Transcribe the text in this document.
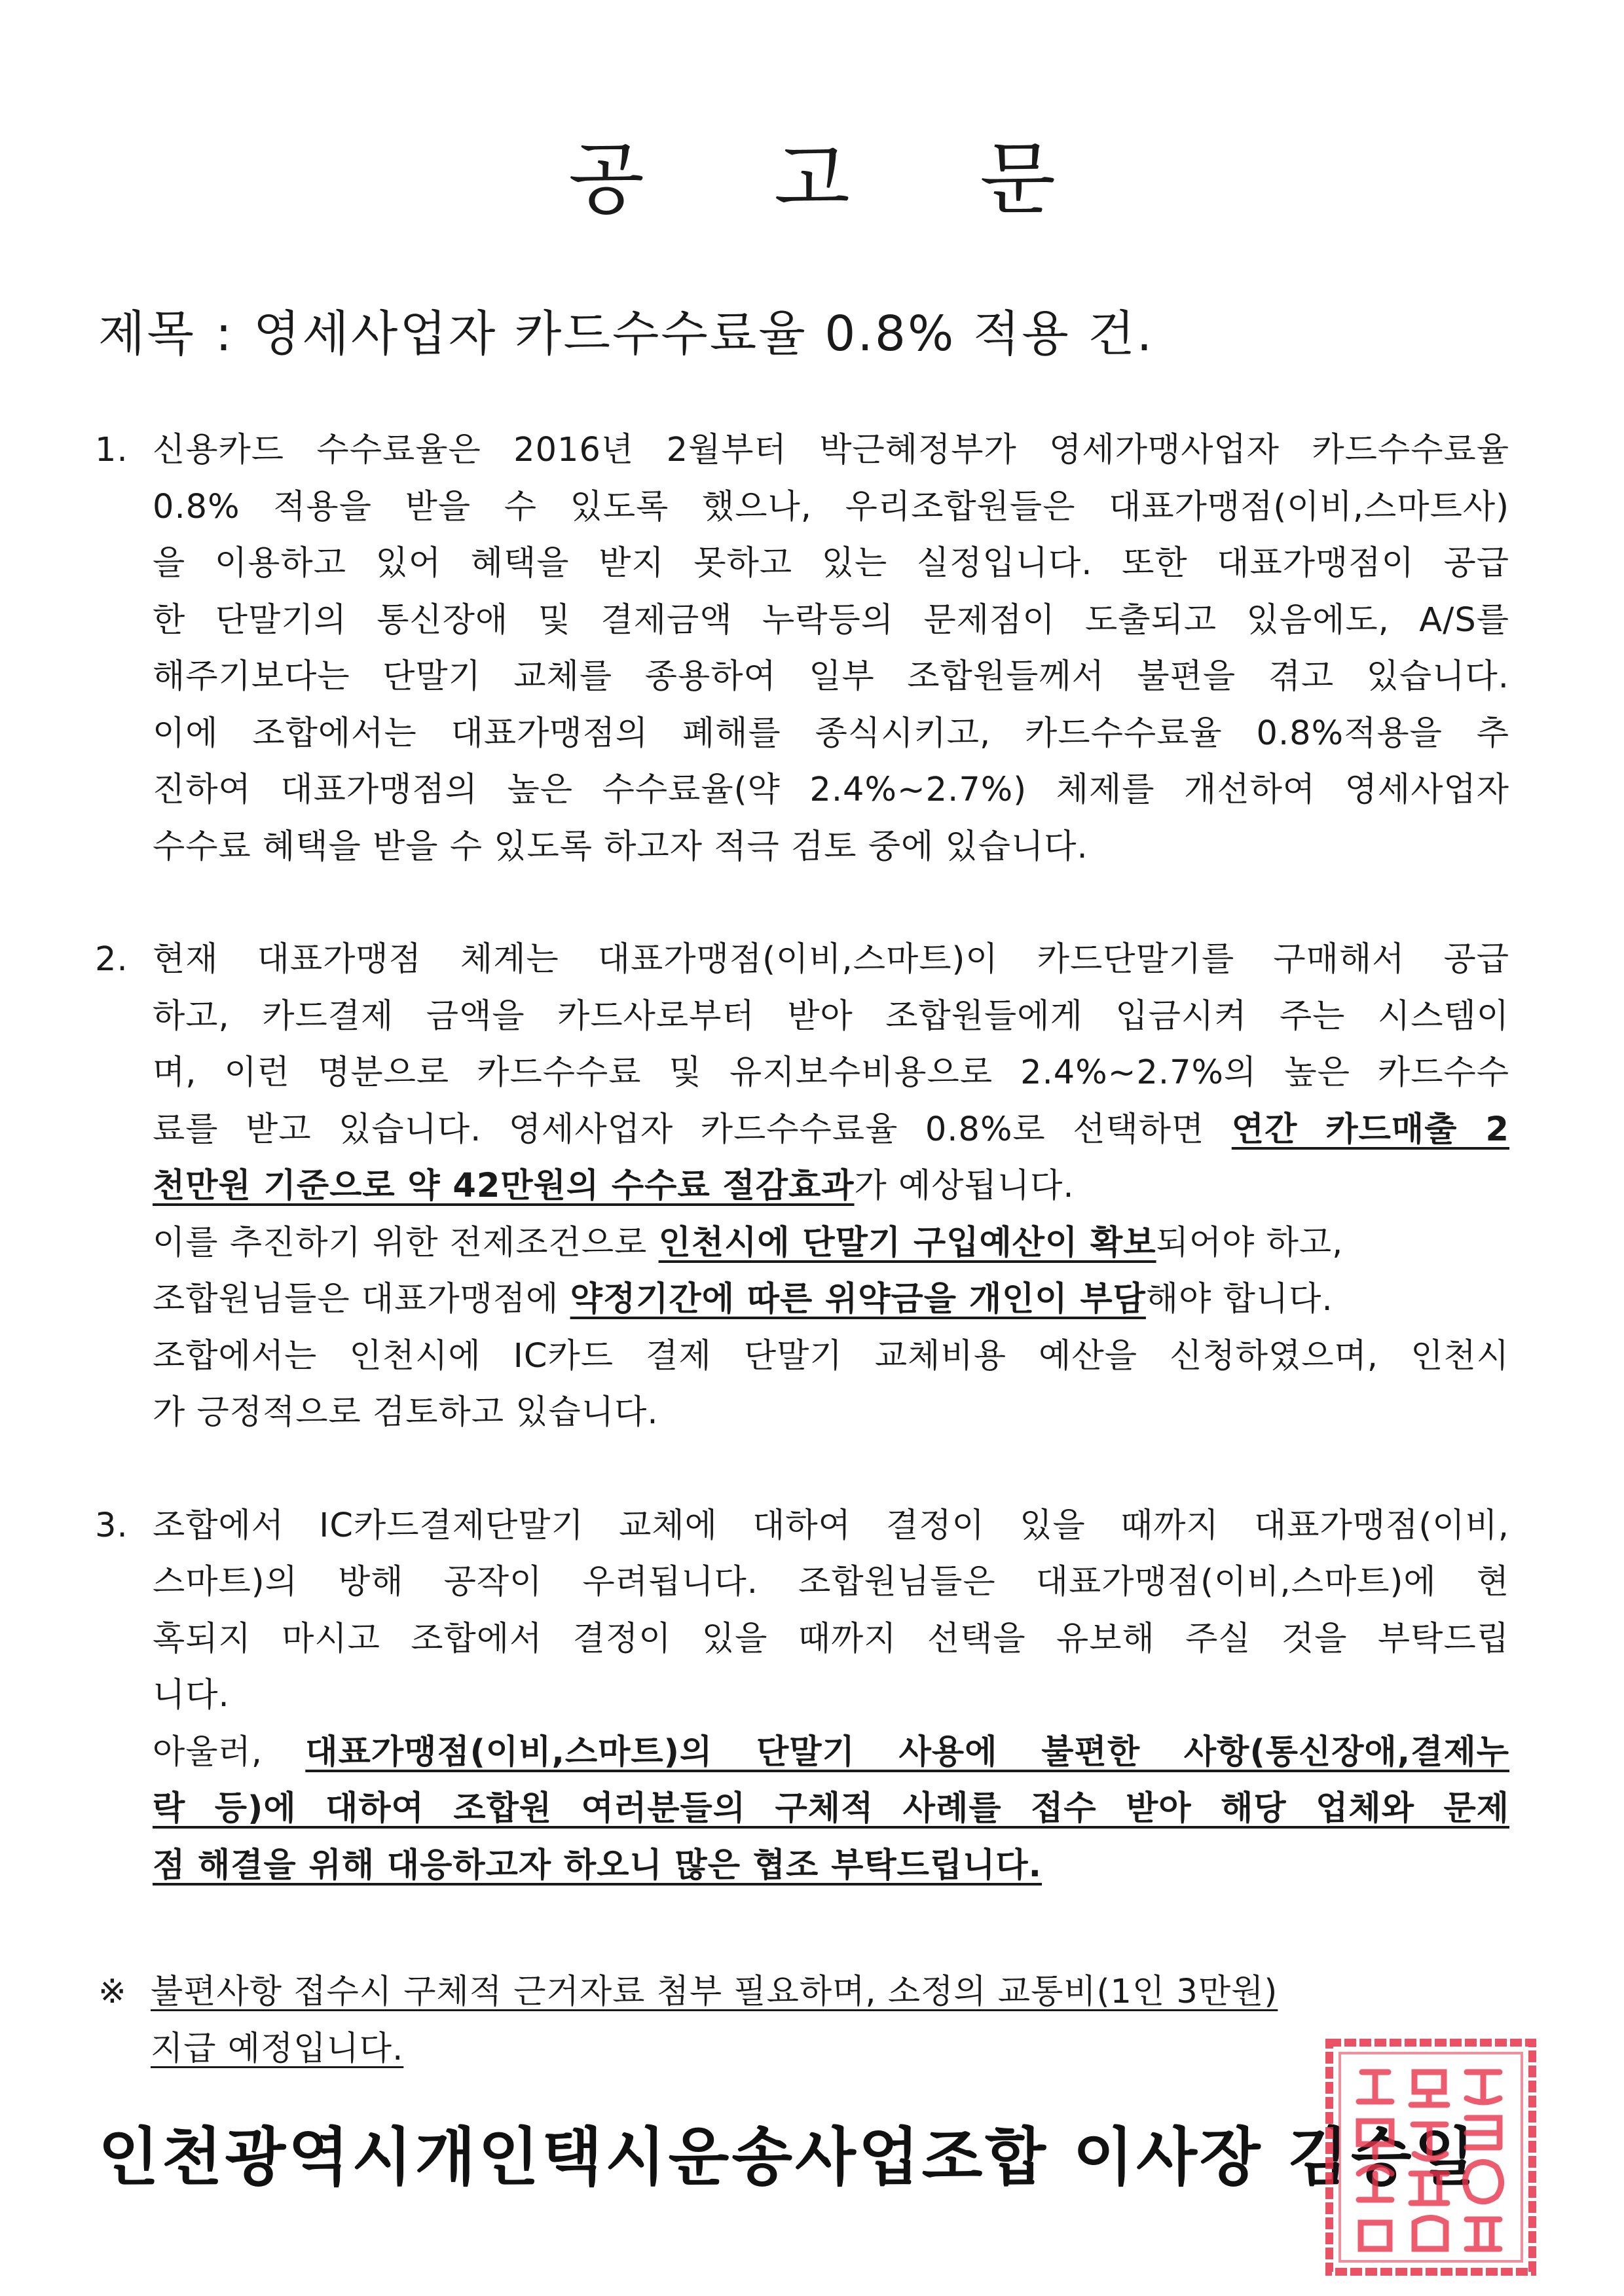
공 고 문
제목 : 영세사업자 카드수수료율 0.8% 적용 건.
1. 신용카드 수수료율은 2016년 2월부터 박근혜정부가 영세가맹사업자 카드수수료율
0.8% 적용을 받을 수 있도록 했으나, 우리조합원들은 대표가맹점(이비,스마트사)
을 이용하고 있어 혜택을 받지 못하고 있는 실정입니다. 또한 대표가맹점이 공급
한 단말기의 통신장애 및 결제금액 누락등의 문제점이 도출되고 있음에도, A/S를
해주기보다는 단말기 교체를 종용하여 일부 조합원들께서 불편을 겪고 있습니다.
이에 조합에서는 대표가맹점의 폐해를 종식시키고, 카드수수료율 0.8%적용을 추
진하여 대표가맹점의 높은 수수료율(약 2.4%~2.7%) 체제를 개선하여 영세사업자
수수료 혜택을 받을 수 있도록 하고자 적극 검토 중에 있습니다.
2. 현재 대표가맹점 체계는 대표가맹점(이비,스마트)이 카드단말기를 구매해서 공급
하고, 카드결제 금액을 카드사로부터 받아 조합원들에게 입금시켜 주는 시스템이
며, 이런 명분으로 카드수수료 및 유지보수비용으로 2.4%~2.7%의 높은 카드수수
료를 받고 있습니다. 영세사업자 카드수수료율 0.8%로 선택하면 연간 카드매출 2
천만원 기준으로 약 42만원의 수수료 절감효과가 예상됩니다.
이를 추진하기 위한 전제조건으로 인천시에 단말기 구입예산이 확보되어야 하고,
조합원님들은 대표가맹점에 약정기간에 따른 위약금을 개인이 부담해야 합니다.
조합에서는 인천시에 IC카드 결제 단말기 교체비용 예산을 신청하였으며, 인천시
가 긍정적으로 검토하고 있습니다.
3. 조합에서 IC카드결제단말기 교체에 대하여 결정이 있을 때까지 대표가맹점(이비,
스마트)의 방해 공작이 우려됩니다. 조합원님들은 대표가맹점(이비,스마트)에 현
혹되지 마시고 조합에서 결정이 있을 때까지 선택을 유보해 주실 것을 부탁드립
니다.
아울러, 대표가맹점(이비,스마트)의 단말기 사용에 불편한 사항(통신장애,결제누
락 등)에 대하여 조합원 여러분들의 구체적 사례를 접수 받아 해당 업체와 문제
점 해결을 위해 대응하고자 하오니 많은 협조 부탁드립니다.
※ 불편사항 접수시 구체적 근거자료 첨부 필요하며, 소정의 교통비(1인 3만원)
지급 예정입니다.
인천광역시개인택시운송사업조합 이사장 김승일
